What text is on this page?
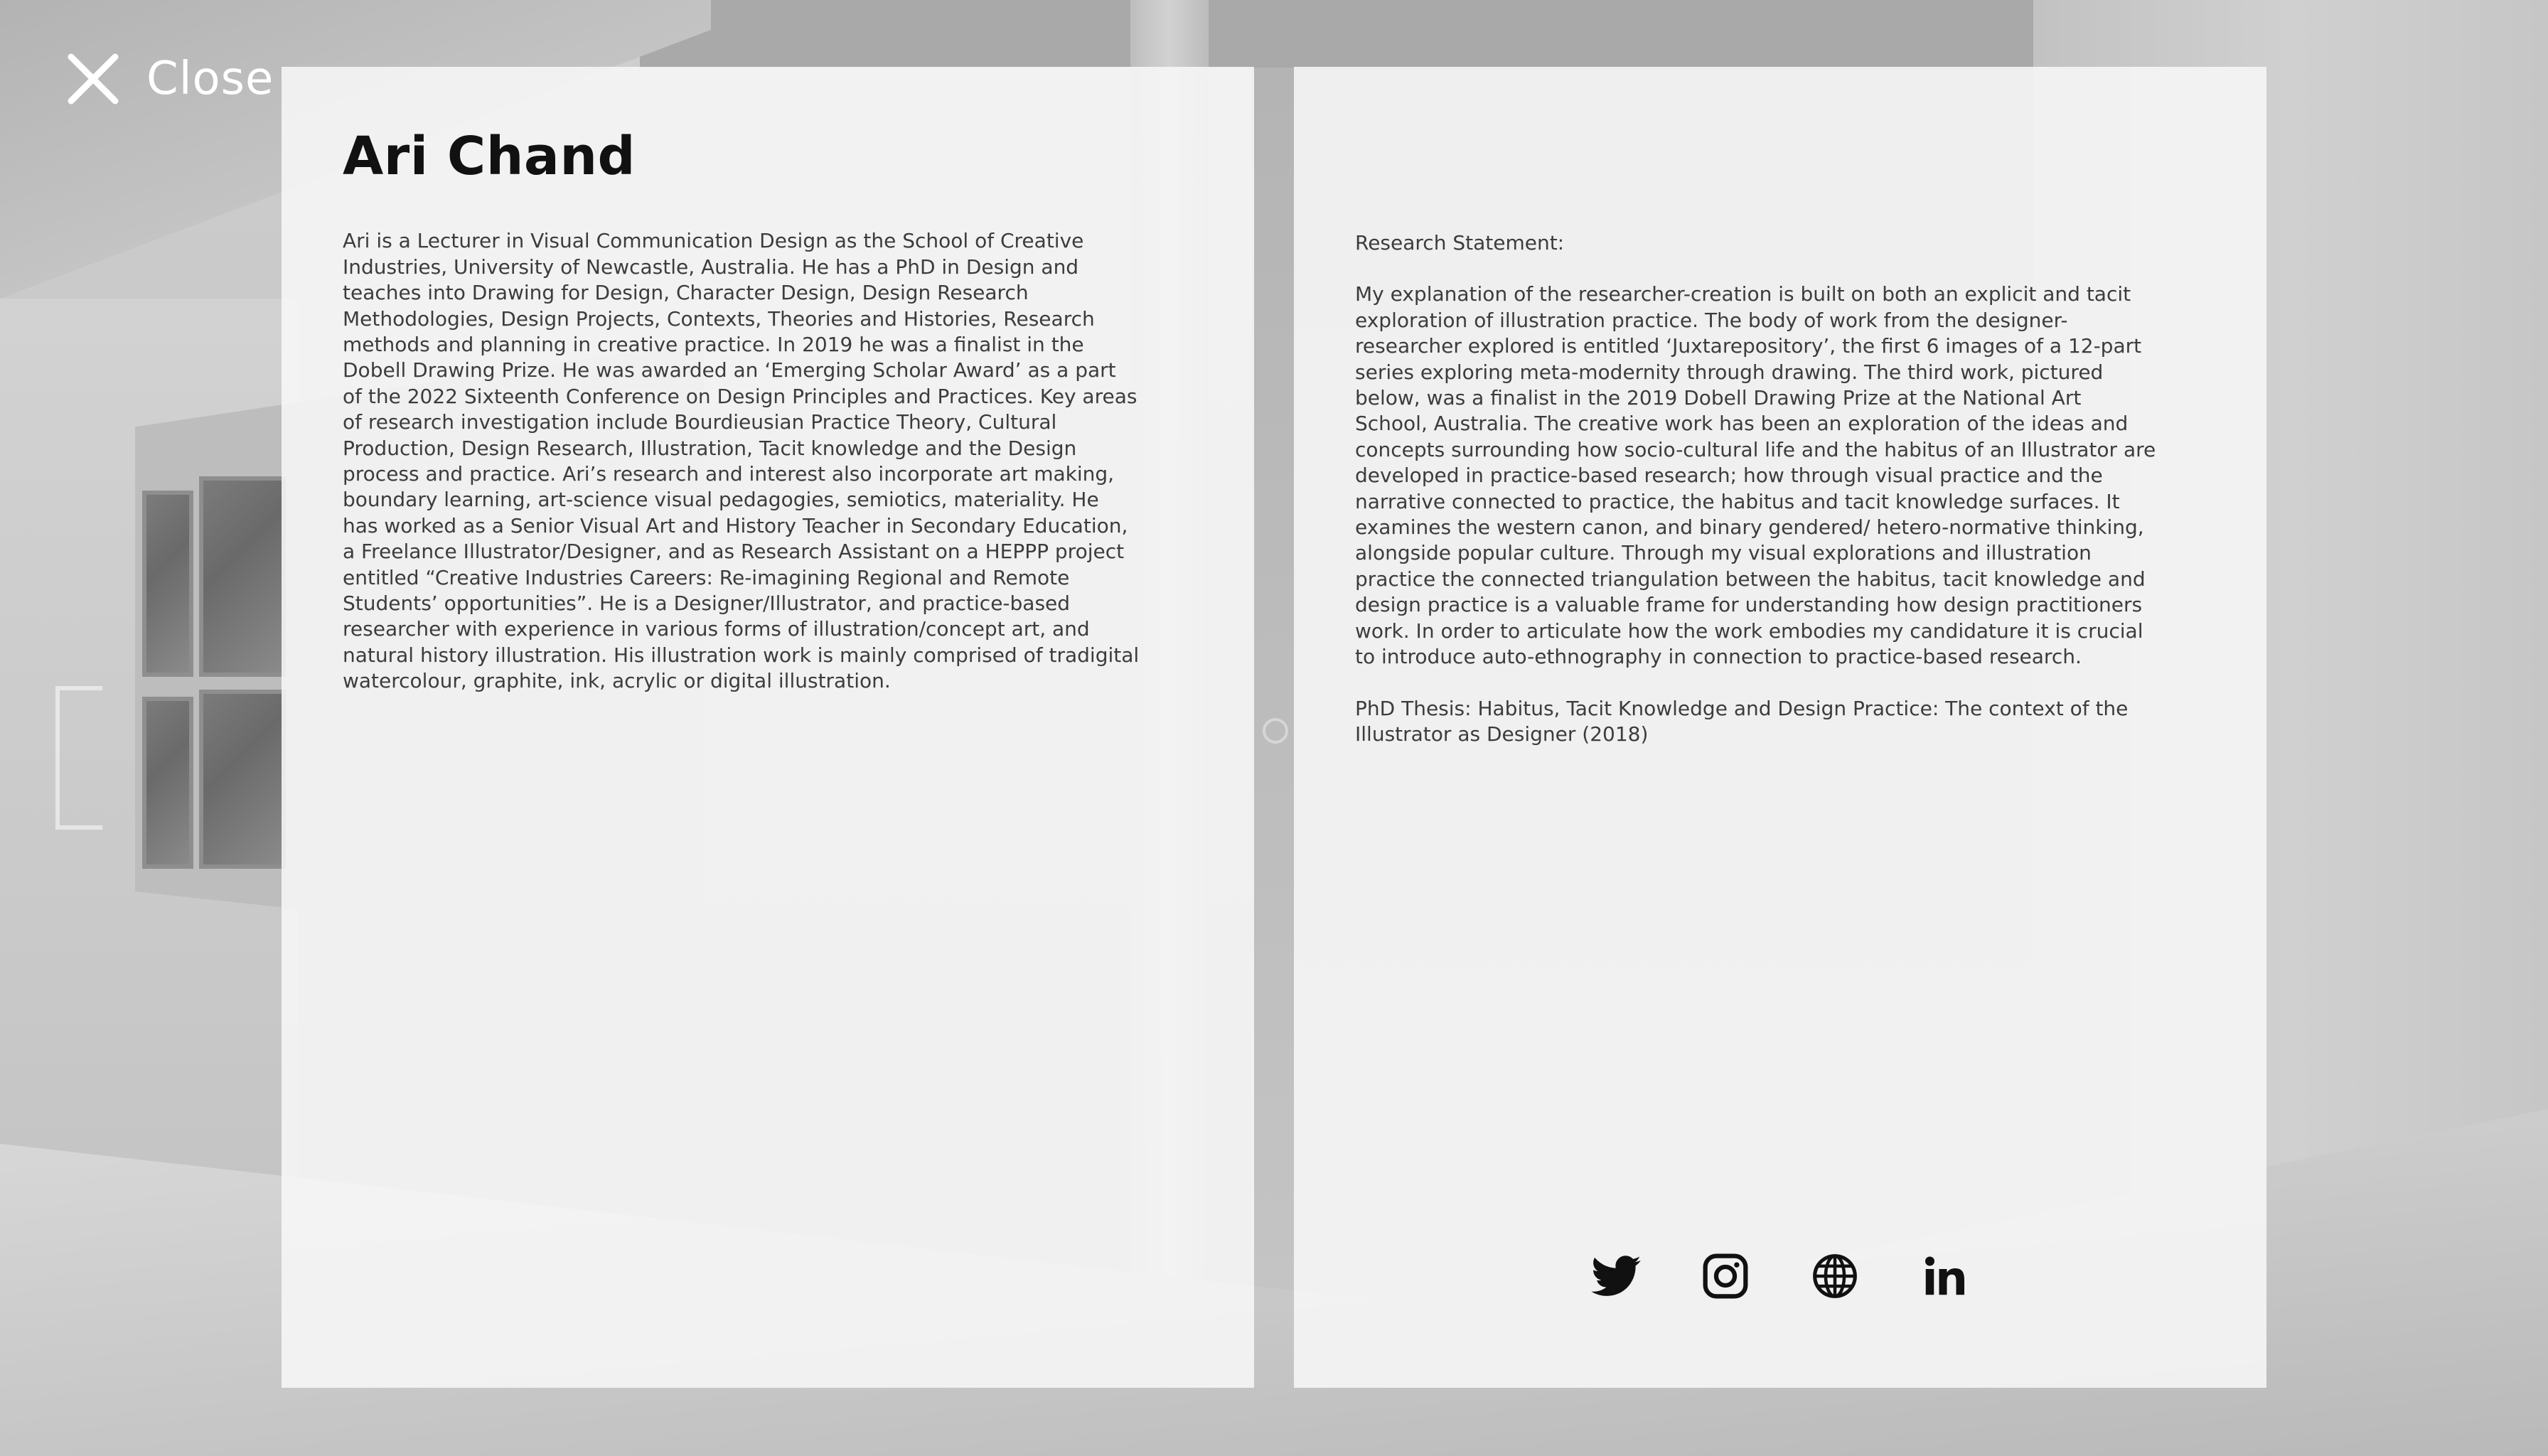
Close
Ari Chand

Ari is a Lecturer in Visual Communication Design as the School of Creative Industries, University of Newcastle, Australia. He has a PhD in Design and teaches into Drawing for Design, Character Design, Design Research Methodologies, Design Projects, Contexts, Theories and Histories, Research methods and planning in creative practice. In 2019 he was a finalist in the Dobell Drawing Prize. He was awarded an ‘Emerging Scholar Award’ as a part of the 2022 Sixteenth Conference on Design Principles and Practices. Key areas of research investigation include Bourdieusian Practice Theory, Cultural Production, Design Research, Illustration, Tacit knowledge and the Design process and practice. Ari’s research and interest also incorporate art making, boundary learning, art-science visual pedagogies, semiotics, materiality. He has worked as a Senior Visual Art and History Teacher in Secondary Education, a Freelance Illustrator/Designer, and as Research Assistant on a HEPPP project entitled “Creative Industries Careers: Re-imagining Regional and Remote Students’ opportunities”. He is a Designer/Illustrator, and practice-based researcher with experience in various forms of illustration/concept art, and natural history illustration. His illustration work is mainly comprised of tradigital watercolour, graphite, ink, acrylic or digital illustration.

Research Statement:

My explanation of the researcher-creation is built on both an explicit and tacit exploration of illustration practice. The body of work from the designer-researcher explored is entitled ‘Juxtarepository’, the first 6 images of a 12-part series exploring meta-modernity through drawing. The third work, pictured below, was a finalist in the 2019 Dobell Drawing Prize at the National Art School, Australia. The creative work has been an exploration of the ideas and concepts surrounding how socio-cultural life and the habitus of an Illustrator are developed in practice-based research; how through visual practice and the narrative connected to practice, the habitus and tacit knowledge surfaces. It examines the western canon, and binary gendered/ hetero-normative thinking, alongside popular culture. Through my visual explorations and illustration practice the connected triangulation between the habitus, tacit knowledge and design practice is a valuable frame for understanding how design practitioners work. In order to articulate how the work embodies my candidature it is crucial to introduce auto-ethnography in connection to practice-based research.

PhD Thesis: Habitus, Tacit Knowledge and Design Practice: The context of the Illustrator as Designer (2018)
